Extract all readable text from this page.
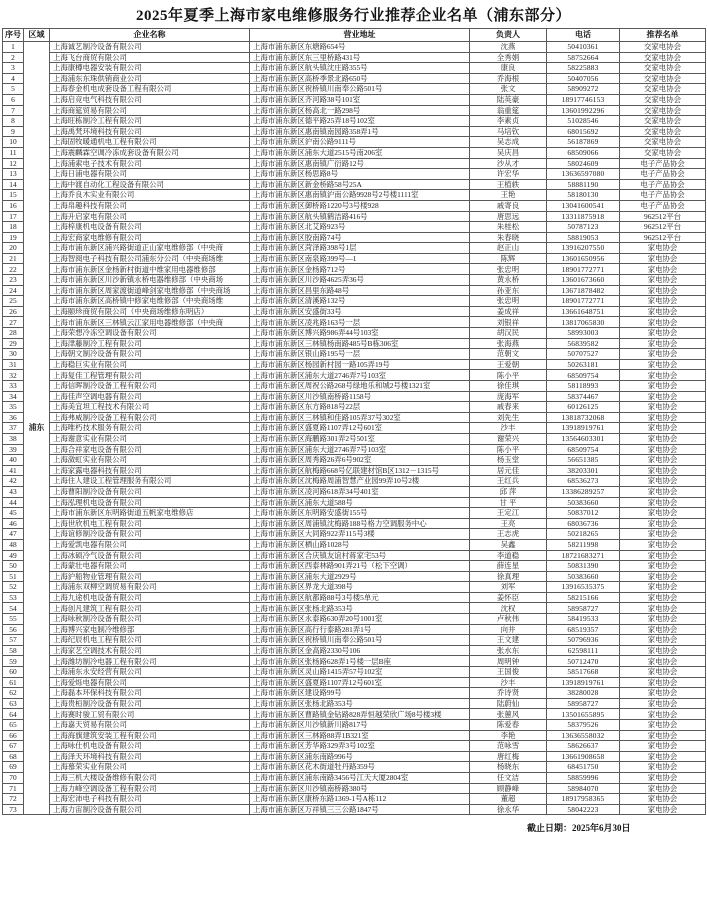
2025年夏季上海市家电维修服务行业推荐企业名单（浦东部分）
序号	区域	企业名称	营业地址	负责人	电话	推荐名单
1	浦东	上海诚艺制冷设备有限公司	上海市浦东新区东塘路654号	沈燕	50410361	交家电协会
2		上海飞台商贸有限公司	上海市浦东新区东三里桥路431号	全秀娟	58752664	交家电协会
3		上海康樽电器安装有限公司	上海市浦东新区航头镇沈庄路355号	康良	58225883	交家电协会
4		上海浦东东珠供销商业公司	上海市浦东新区高桥季景北路650号	乔海根	50407056	交家电协会
5		上海春金机电成套设备工程有限公司	上海市浦东新区祝桥镇川南奉公路501号	张文	58909272	交家电协会
6		上海启竞电气科技有限公司	上海市浦东新区齐河路38号101室	陆英豪	18917746153	交家电协会
7		上海商筵贸易有限公司	上海市浦东新区杨高北一路298号	翁重筵	13601992296	交家电协会
8		上海旺栋制冷工程有限公司	上海市浦东新区德平路25弄18号102室	李素贞	51028546	交家电协会
9		上海禹梵环境科技有限公司	上海市浦东新区惠南镇南园路358弄1号	马培钦	68015692	交家电协会
10		上海固牧暖通机电工程有限公司	上海市浦东新区沪南公路9111号	吴志成	56187869	交家电协会
11		上海震麟霖空调冷冻成套设备有限公司	上海市浦东新区浦东大道2515号南206室	吴庆昌	68509066	交家电协会
12		上海浦索电子技术有限公司	上海市浦东新区惠南镇广衍路12号	沙从才	58024609	电子产品协会
13		上海日浦电器有限公司	上海市浦东新区杨思路8号	许宏华	13636597080	电子产品协会
14		上海中渡自动化工程设备有限公司	上海市浦东新区新金桥路58号25A	王植轶	58881190	电子产品协会
15		上海乔良木实业有限公司	上海市浦东新区惠南镇沪南公路9928号2号楼1111室	王艳	58180130	电子产品协会
16		上海帛趣科技有限公司	上海市浦东新区御桥路1220号3号楼928	戚寄良	13041600541	电子产品协会
17		上海升启家电有限公司	上海市浦东新区航头镇鹤洁路416号	唐思远	13311875918	962512平台
18		上海梓康机电设备有限公司	上海市浦东新区北艾路923号	朱桂松	50787123	962512平台
19		上海宏商家电维修有限公司	上海市浦东新区胶南路74号	朱春晓	58819053	962512平台
20		上海市浦东新区浦兴路街道正山家电维修部（中央商	上海市浦东新区菏泽路398号1层	赵正山	13916207550	家电协会
21		上海智阅电子科技有限公司浦东分公司（中央商场维	上海市浦东新区南泉路399号—1	陈辉	13601650956	家电协会
22		上海市浦东新区金杨新村街道中维家用电器维修部	上海市浦东新区金杨路712号	张忠明	18901772771	家电协会
23		上海市浦东新区川沙新镇永桥电器维修部（中央商场	上海市浦东新区川沙路4625弄36号	黄永桥	13601673660	家电协会
24		上海市浦东新区周家渡街道峰剑家电维修部（中央商场	上海市浦东新区昌里东路48号	孙亚东	13671878482	家电协会
25		上海市浦东新区高桥镇中修家电维修部（中央商场维	上海市浦东新区清溪路132号	张忠明	18901772771	家电协会
26		上海颐珍商贸有限公司（中央商场维修东明店）	上海市浦东新区安盛街33号	姜成祥	13661648751	家电协会
27		上海市浦东新区三林镇云江家用电器维修部（中央商	上海市浦东新区凌兆路163号一层	刘银祥	13817065830	家电协会
28		上海荣想冷冻空调设备有限公司	上海市浦东新区博兴路986弄44号103室	胡汉民	58993003	家电协会
29		上海津藤制冷工程有限公司	上海市浦东新区三林镇杨南路485号B栋306室	张海燕	56839582	家电协会
30		上海朝文制冷设备有限公司	上海市浦东新区银山路195号一层	范朝文	50707527	家电协会
31		上海稳巨实业有限公司	上海市浦东新区杨园新村园一路105弄19号	王爱朝	50263181	家电协会
32		上海复佳工程管理有限公司	上海市浦东新区浦东大道2746弄7号103室	陈小平	68509754	家电协会
33		上海信晖制冷设备工程有限公司	上海市浦东新区周祝公路268号绿地乐和城2号楼1321室	徐佳琪	58118993	家电协会
34		上海佳声空调电器有限公司	上海市浦东新区川沙镇南桥路1158号	庞海军	58374467	家电协会
35		上海美宜坦工程技术有限公司	上海市浦东新区东方路818号22层	戚春来	60126125	家电协会
36		上海弗威制冷设备工程有限公司	上海市浦东新区三林镇和佳路105弄37号302室	刘先生	13818732068	家电协会
37		上海唯朽技术服务有限公司	上海市浦东新区盛夏路1107弄12号601室	沙丰	13918919761	家电协会
38		上海谢意实业有限公司	上海市浦东新区海鹏路301弄2号501室	谢荣兴	13564603301	家电协会
39		上海合祥家电设备有限公司	上海市浦东新区浦东大道2746弄7号103室	陈小平	68509754	家电协会
40		上海潋虹实业有限公司	上海市浦东新区周秀路26弄6号902室	杨玉堂	56651385	家电协会
41		上海家露电器科技有限公司	上海市浦东新区航梅路668号亿联建材馆B区1312－1315号	居元佳	38203301	家电协会
42		上海住人建设工程管理服务有限公司	上海市浦东新区沈梅路周浦智慧产业园99弄10号2楼	王红兵	68536273	家电协会
43		上海曹阳制冷设备有限公司	上海市浦东新区凌河路618弄34号401室	邱 萍	13386289257	家电协会
44		上海泓理机电设备有限公司	上海市浦东新区浦东大道588号	甘 平	50383660	家电协会
45		上海市浦东新区东明路街道五帆家电维修店	上海市浦东新区东明路安盛街155号	王定江	50837012	家电协会
46		上海世欣机电工程有限公司	上海市浦东新区周浦镇沈梅路188号格力空调服务中心	王亮	68036736	家电协会
47		上海谊修制冷设备有限公司	上海市浦东新区大同路922弄115号3楼	王志虎	50218265	家电协会
48		上海爱凯电器有限公司	上海市浦东新区栖山路1028号	吴鑫	58211998	家电协会
49		上海冰硕冷气设备有限公司	上海市浦东新区合庆镇友谊村蒋家宅53号	李道稳	18721683271	家电协会
50		上海蒙壮电器有限公司	上海市浦东新区西泰林路901弄21号（松下空调）	薛连星	50831390	家电协会
51		上海沪船物业管理有限公司	上海市浦东新区浦东大道2929号	徐真理	50383660	家电协会
52		上海浦东双柳空调贸易有限公司	上海市浦东新区界龙大道398号	刘军	13916535375	家电协会
53		上海九途机电设备有限公司	上海市浦东新区航都路88号3号楼5单元	姜怀臣	58215166	家电协会
54		上海创凡建筑工程有限公司	上海市浦东新区张杨北路353号	沈权	58958727	家电协会
55		上海咏秋制冷设备有限公司	上海市浦东新区永泰路630弄20号1001室	卢秋伟	58419533	家电协会
56		上海博兴家电制冷维修部	上海市浦东新区高行行泰路281弄1号	向井	68519357	家电协会
57		上海纪辰机电工程有限公司	上海市浦东新区祝桥镇川南奉公路501号	王文建	50796936	家电协会
58		上海家艺空调技术有限公司	上海市浦东新区金高路2330号106	张水东	62598111	家电协会
59		上海潍坊制冷电器工程有限公司	上海市浦东新区张杨路628弄1号楼一层B座	周明钟	50712470	家电协会
60		上海浦东永安经营有限公司	上海市浦东新区灵山路1415弄57号102室	王国俊	58517668	家电协会
61		上海爱烁电器有限公司	上海市浦东新区盛夏路1107弄12号601室	沙丰	13918919761	家电协会
62		上海磊本环保科技有限公司	上海市浦东新区建设路99号	乔诗贤	38280028	家电协会
63		上海贵桓制冷设备有限公司	上海市浦东新区张杨北路353号	陆蔚仙	58958727	家电协会
64		上海赛时骏工贸有限公司	上海市浦东新区曹路镇金钻路828弄恒越荣欣广场8号楼3楼	张蕙风	13501655895	家电协会
65		上海嘉天贸易有限公司	上海市浦东新区川沙镇新川路817号	陈爱春	58379526	家电协会
66		上海海旗建筑安装工程有限公司	上海市浦东新区三林路88弄1B321室	李艳	13636558032	家电协会
67		上海咏仕机电设备有限公司	上海市浦东新区芳华路329弄3号102室	范咏雪	58626637	家电协会
68		上海泽天环境科技有限公司	上海市浦东新区浦东南路996号	唐红梅	13661908658	家电协会
69		上海慕荣实业有限公司	上海市浦东新区花木街道牡丹路359号	杨晓东	68451750	家电协会
70		上海三机大楼设备维修有限公司	上海市浦东新区浦东南路3456号江天大厦2804室	任文洁	58859996	家电协会
71		上海力峰空调设备工程有限公司	上海市浦东新区川沙镇南桥路380号	顾静峰	58984070	家电协会
72		上海宏沛电子科技有限公司	上海市浦东新区康桥东路1369-1号A栋112	董超	18917958365	家电协会
73		上海力宙制冷设备有限公司	上海市浦东新区万祥镇三三公路1847号	徐永华	58042223	家电协会
截止日期：2025年6月30日
